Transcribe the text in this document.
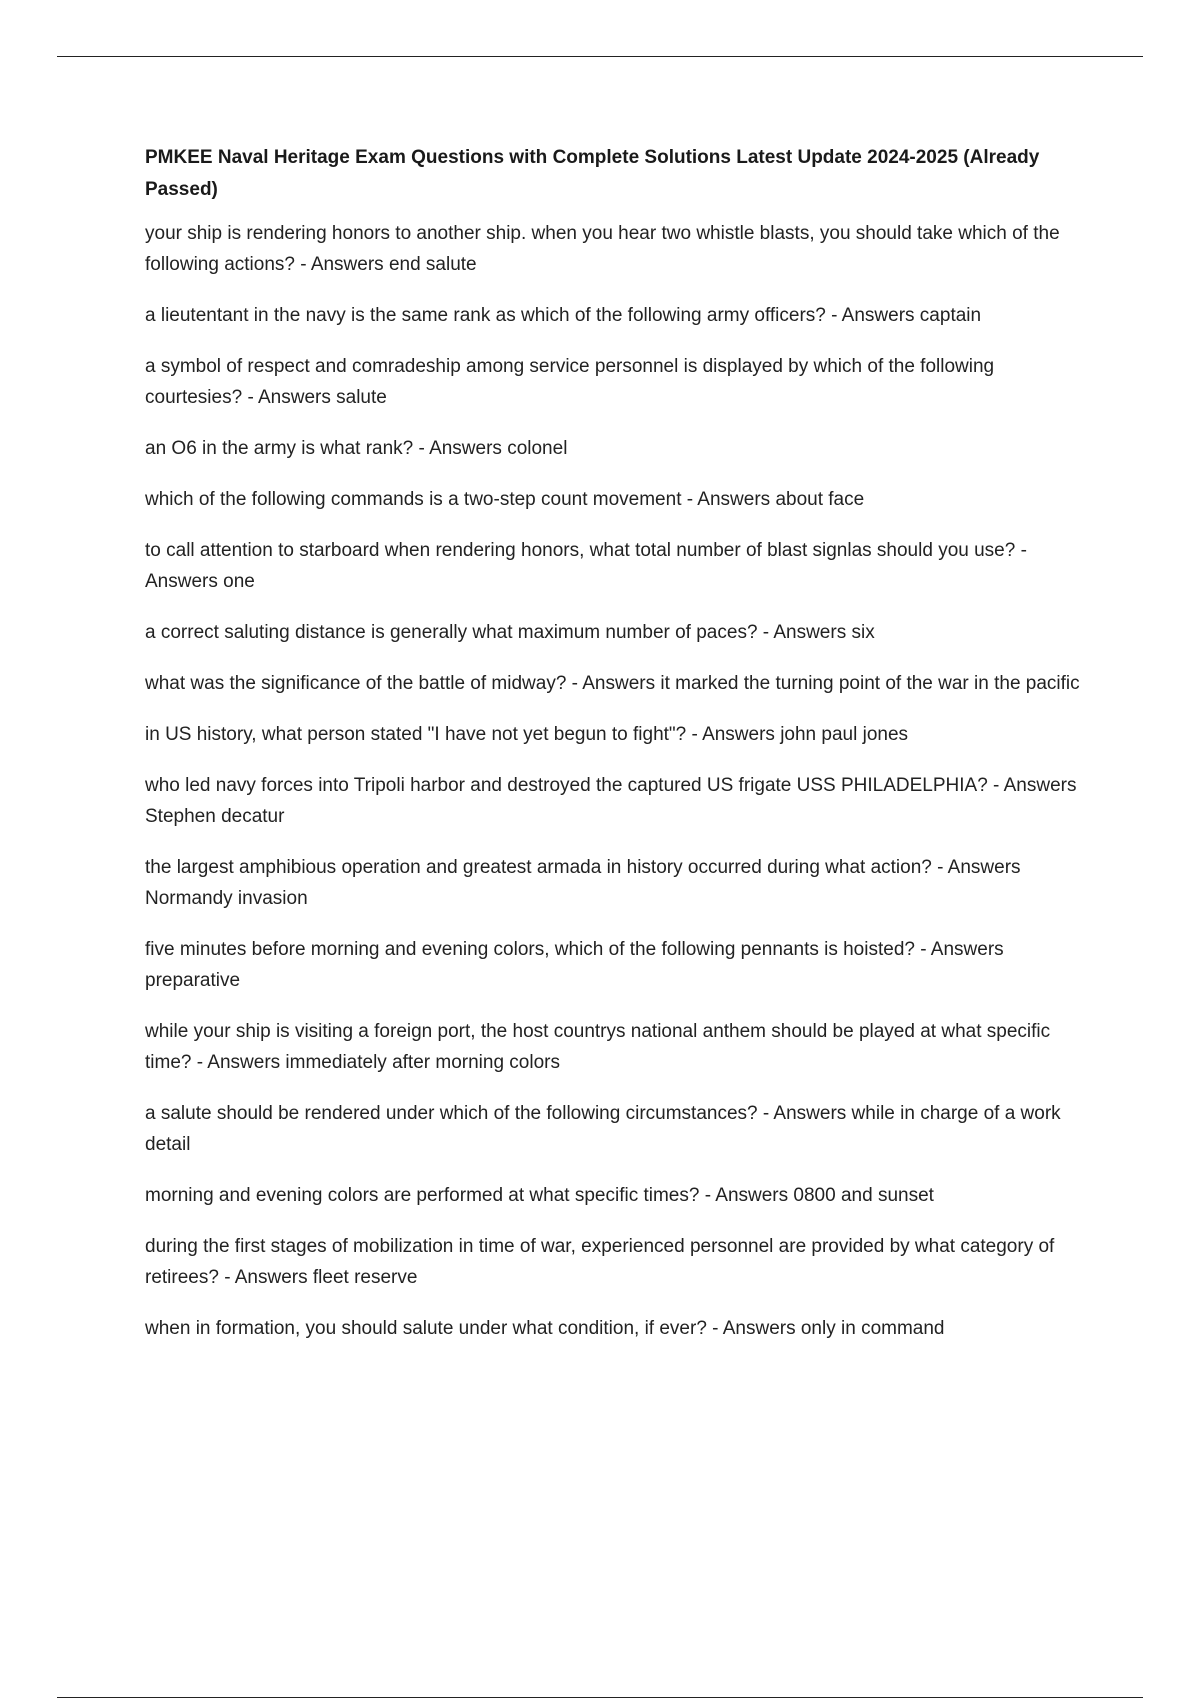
PMKEE Naval Heritage Exam Questions with Complete Solutions Latest Update 2024-2025 (Already Passed)
your ship is rendering honors to another ship. when you hear two whistle blasts, you should take which of the following actions? - Answers end salute
a lieutentant in the navy is the same rank as which of the following army officers? - Answers captain
a symbol of respect and comradeship among service personnel is displayed by which of the following courtesies? - Answers salute
an O6 in the army is what rank? - Answers colonel
which of the following commands is a two-step count movement - Answers about face
to call attention to starboard when rendering honors, what total number of blast signlas should you use? - Answers one
a correct saluting distance is generally what maximum number of paces? - Answers six
what was the significance of the battle of midway? - Answers it marked the turning point of the war in the pacific
in US history, what person stated "I have not yet begun to fight"? - Answers john paul jones
who led navy forces into Tripoli harbor and destroyed the captured US frigate USS PHILADELPHIA? - Answers Stephen decatur
the largest amphibious operation and greatest armada in history occurred during what action? - Answers Normandy invasion
five minutes before morning and evening colors, which of the following pennants is hoisted? - Answers preparative
while your ship is visiting a foreign port, the host countrys national anthem should be played at what specific time? - Answers immediately after morning colors
a salute should be rendered under which of the following circumstances? - Answers while in charge of a work detail
morning and evening colors are performed at what specific times? - Answers 0800 and sunset
during the first stages of mobilization in time of war, experienced personnel are provided by what category of retirees? - Answers fleet reserve
when in formation, you should salute under what condition, if ever? - Answers only in command
